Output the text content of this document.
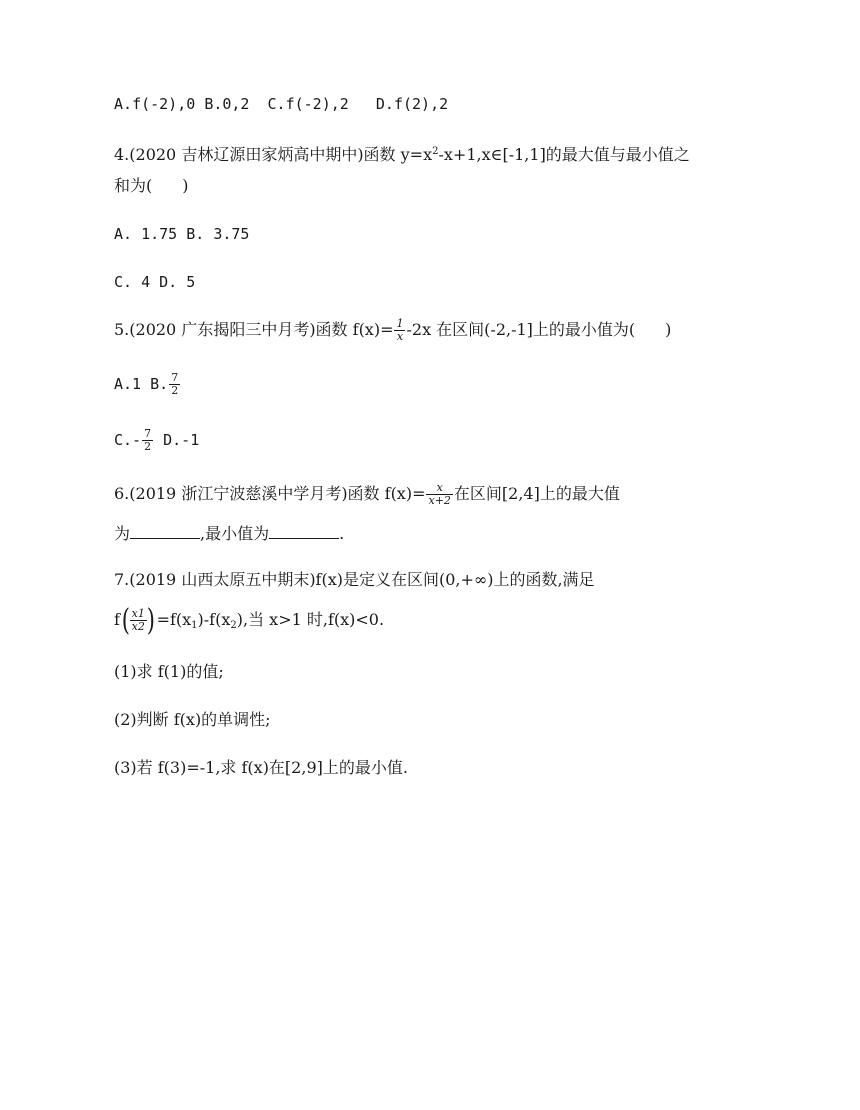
A.f(-2),0 B.0,2 C.f(-2),2 D.f(2),2
4.(2020 吉林辽源田家炳高中期中)函数 $y=x^2-x+1,x\in[-1,1]$的最大值与最小值之
和为( )
A. 1.75 B. 3.75
C. 4 D. 5
5.(2020 广东揭阳三中月考)函数 $f(x)= \frac{1}{x} -2x$ 在区间(-2,-1]上的最小值为( )
A.1 B. $\frac{7}{2}$
$C.- \frac{7}{2} D.-1$
6.(2019 浙江宁波慈溪中学月考)函数 $f(x)= \frac{x}{x+2}$ 在区间[2,4]上的最大值
为	,最小值为	.
7.(2019 山西太原五中期末)f(x)是定义在区间(0,+∞)上的函数,满足
$f( \frac{x1}{x2}$ ) $=f(x_1)-f(x_2)$,当 x>1 时,f(x)<0.
(1)求 f(1)的值;
(2)判断 f(x)的单调性;
(3)若 f(3)=-1,求 f(x)在[2,9]上的最小值.
